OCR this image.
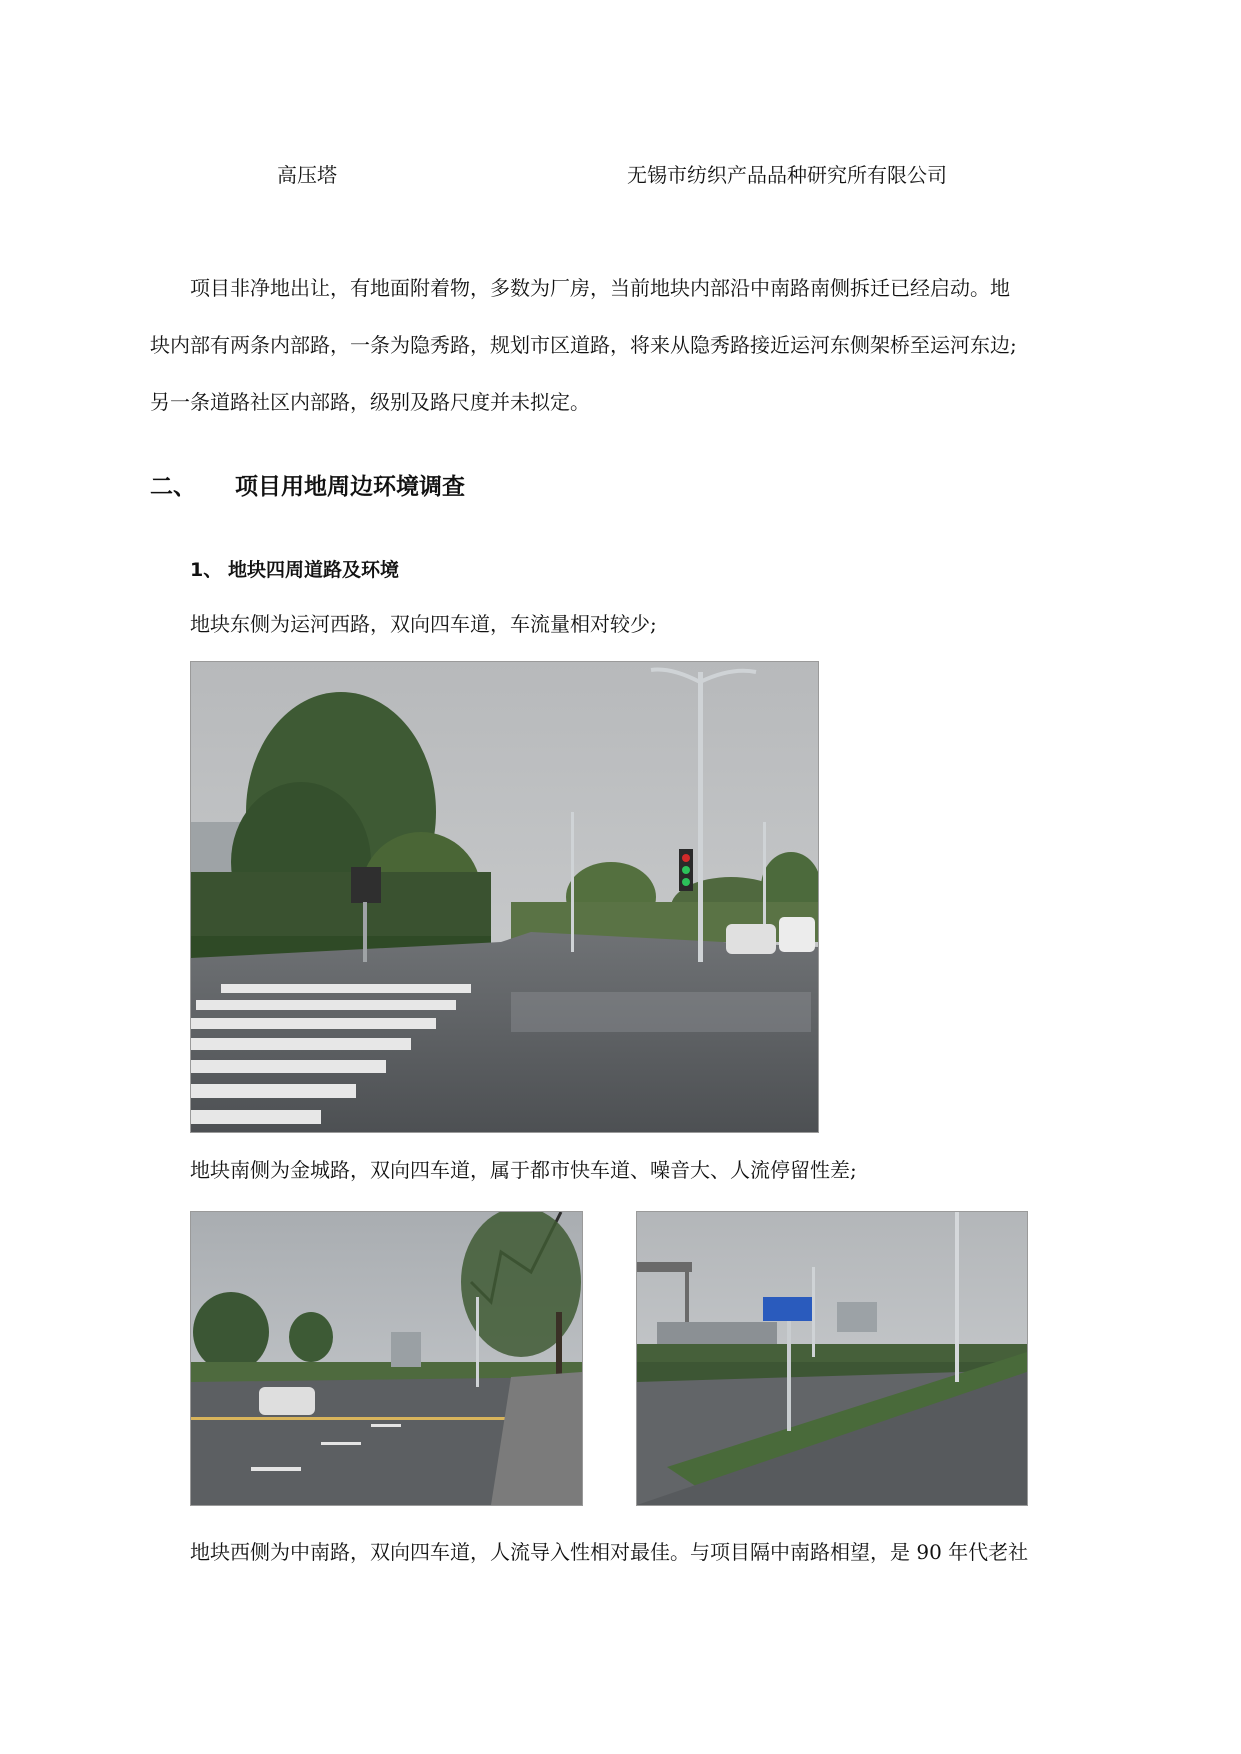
高压塔	无锡市纺织产品品种研究所有限公司
项目非净地出让，有地面附着物，多数为厂房，当前地块内部沿中南路南侧拆迁已经启动。地
块内部有两条内部路，一条为隐秀路，规划市区道路，将来从隐秀路接近运河东侧架桥至运河东边;
另一条道路社区内部路，级别及路尺度并未拟定。
二、 项目用地周边环境调查
1、 地块四周道路及环境
地块东侧为运河西路，双向四车道，车流量相对较少;
地块南侧为金城路，双向四车道，属于都市快车道、噪音大、人流停留性差;
地块西侧为中南路，双向四车道，人流导入性相对最佳。与项目隔中南路相望，是 90 年代老社
